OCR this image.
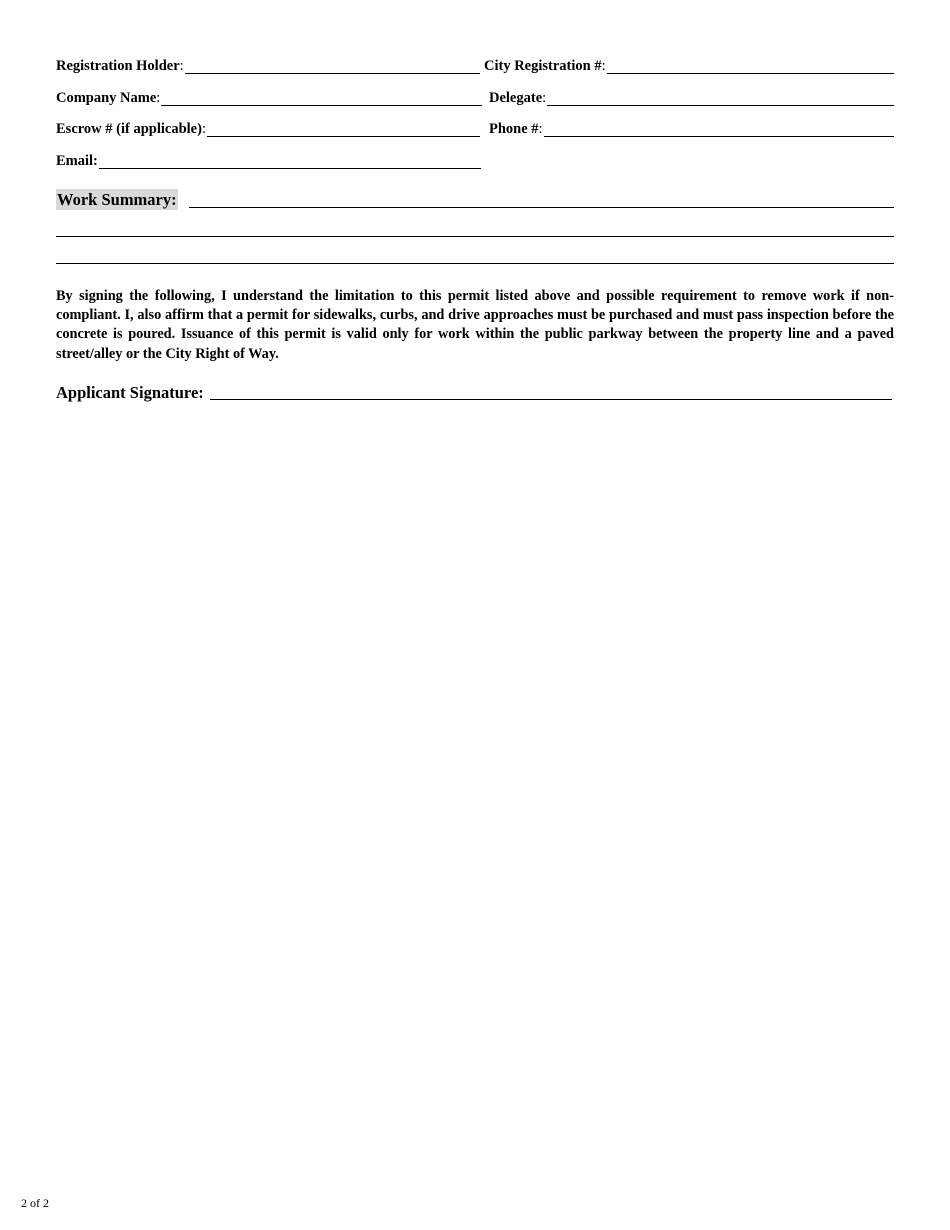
Registration Holder:	City Registration #:
Company Name:	Delegate:
Escrow # (if applicable):	Phone #:
Email:
Work Summary:

By signing the following, I understand the limitation to this permit listed above and possible requirement to remove work if non-compliant. I, also affirm that a permit for sidewalks, curbs, and drive approaches must be purchased and must pass inspection before the concrete is poured. Issuance of this permit is valid only for work within the public parkway between the property line and a paved street/alley or the City Right of Way.

Applicant Signature:
2 of 2
